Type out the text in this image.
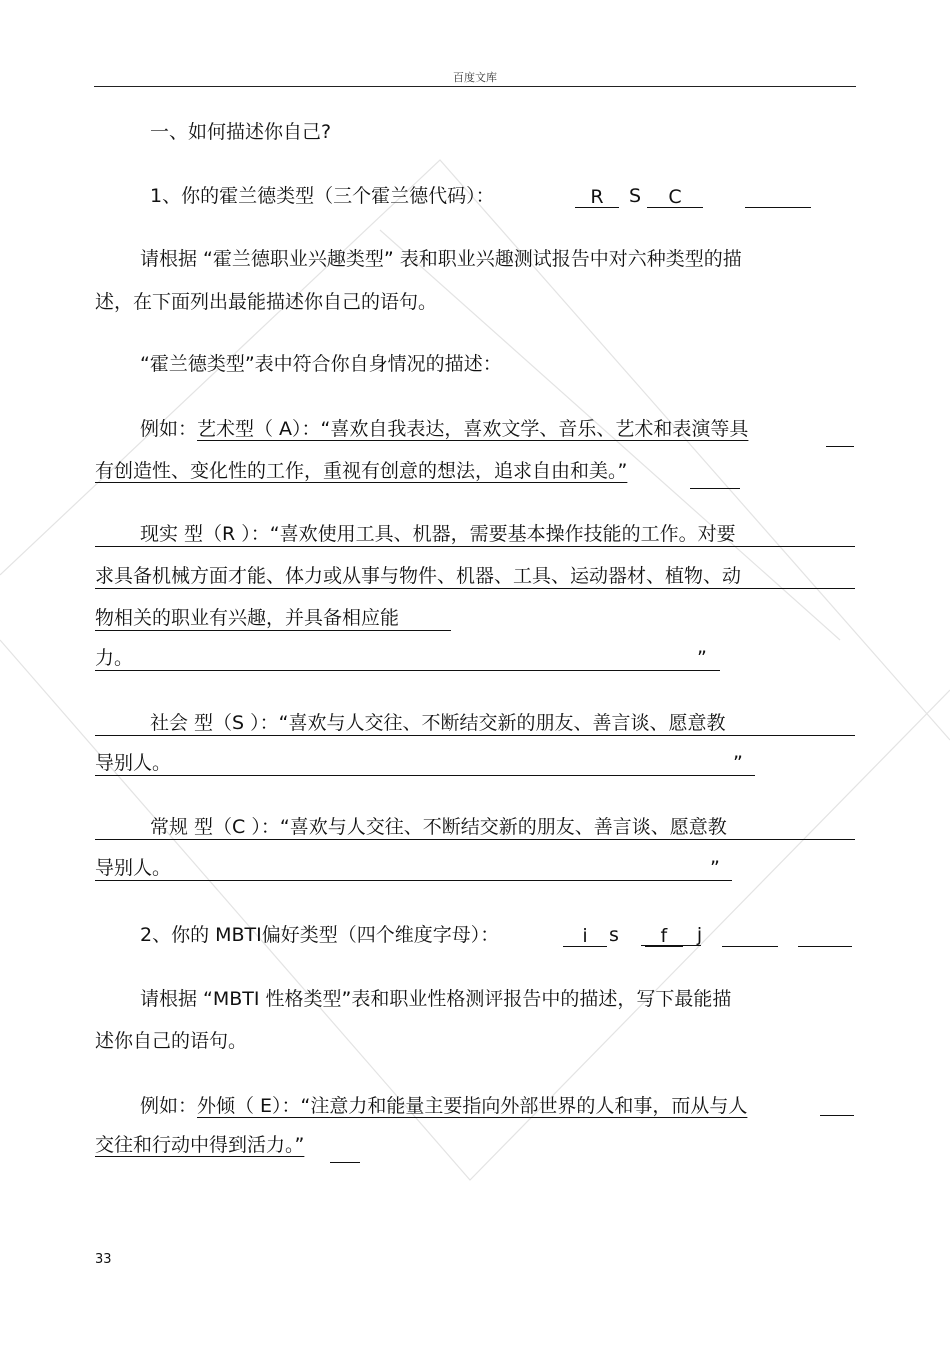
百度文库
一、如何描述你自己?
1、你的霍兰德类型（三个霍兰德代码）：	R S C
请根据 “霍兰德职业兴趣类型” 表和职业兴趣测试报告中对六种类型的描
述，在下面列出最能描述你自己的语句。
“霍兰德类型”表中符合你自身情况的描述：
例如：艺术型（ A）：“喜欢自我表达，喜欢文学、音乐、艺术和表演等具
有创造性、变化性的工作，重视有创意的想法，追求自由和美。”
现实 型（R ）：“喜欢使用工具、机器，需要基本操作技能的工作。对要
求具备机械方面才能、体力或从事与物件、机器、工具、运动器材、植物、动
物相关的职业有兴趣，并具备相应能
力。	”
社会 型（S ）：“喜欢与人交往、不断结交新的朋友、善言谈、愿意教
导别人。	”
常规 型（C ）：“喜欢与人交往、不断结交新的朋友、善言谈、愿意教
导别人。	”
2、你的 MBTI偏好类型（四个维度字母）：	i s f j
请根据 “MBTI 性格类型”表和职业性格测评报告中的描述，写下最能描
述你自己的语句。
例如：外倾（ E）：“注意力和能量主要指向外部世界的人和事，而从与人
交往和行动中得到活力。”
33
